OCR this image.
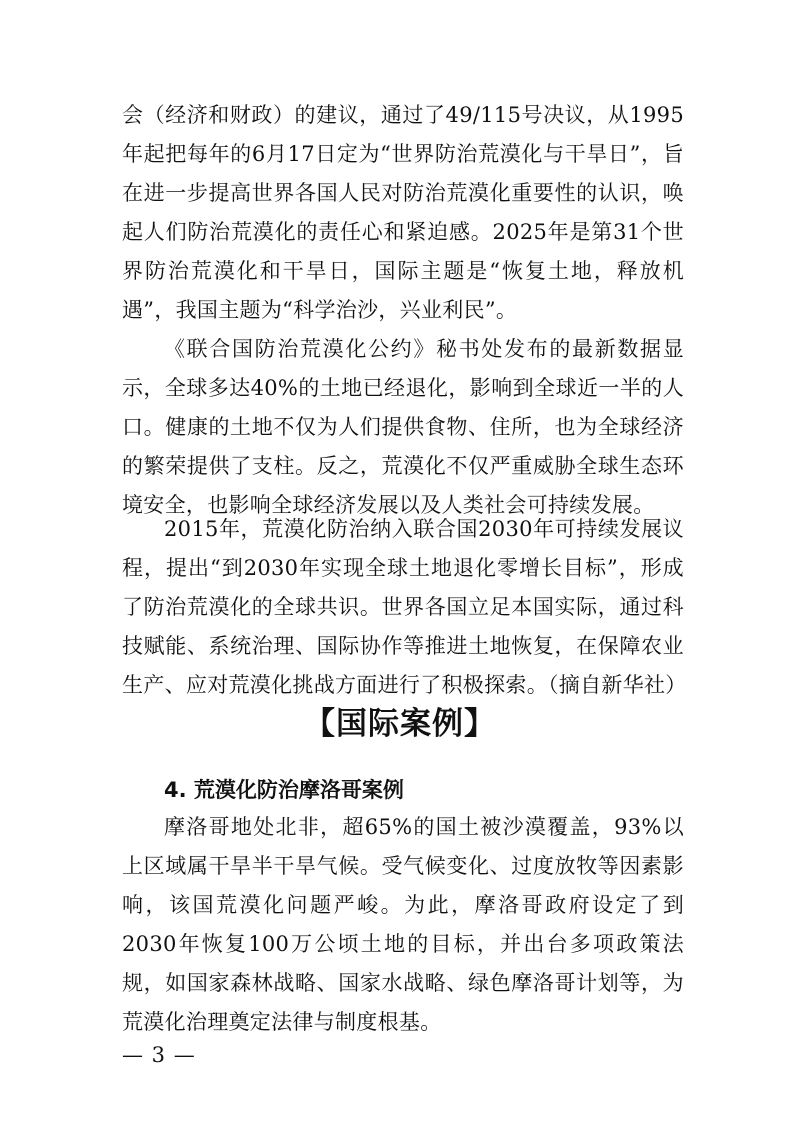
会（经济和财政）的建议，通过了49/115号决议，从1995年起把每年的6月17日定为“世界防治荒漠化与干旱日”，旨在进一步提高世界各国人民对防治荒漠化重要性的认识，唤起人们防治荒漠化的责任心和紧迫感。2025年是第31个世界防治荒漠化和干旱日，国际主题是“恢复土地，释放机遇”，我国主题为“科学治沙，兴业利民”。

《联合国防治荒漠化公约》秘书处发布的最新数据显示，全球多达40%的土地已经退化，影响到全球近一半的人口。健康的土地不仅为人们提供食物、住所，也为全球经济的繁荣提供了支柱。反之，荒漠化不仅严重威胁全球生态环境安全，也影响全球经济发展以及人类社会可持续发展。

2015年，荒漠化防治纳入联合国2030年可持续发展议程，提出“到2030年实现全球土地退化零增长目标”，形成了防治荒漠化的全球共识。世界各国立足本国实际，通过科技赋能、系统治理、国际协作等推进土地恢复，在保障农业生产、应对荒漠化挑战方面进行了积极探索。（摘自新华社）

【国际案例】
4. 荒漠化防治摩洛哥案例

摩洛哥地处北非，超65%的国土被沙漠覆盖，93%以上区域属干旱半干旱气候。受气候变化、过度放牧等因素影响，该国荒漠化问题严峻。为此，摩洛哥政府设定了到2030年恢复100万公顷土地的目标，并出台多项政策法规，如国家森林战略、国家水战略、绿色摩洛哥计划等，为荒漠化治理奠定法律与制度根基。

— 3 —
